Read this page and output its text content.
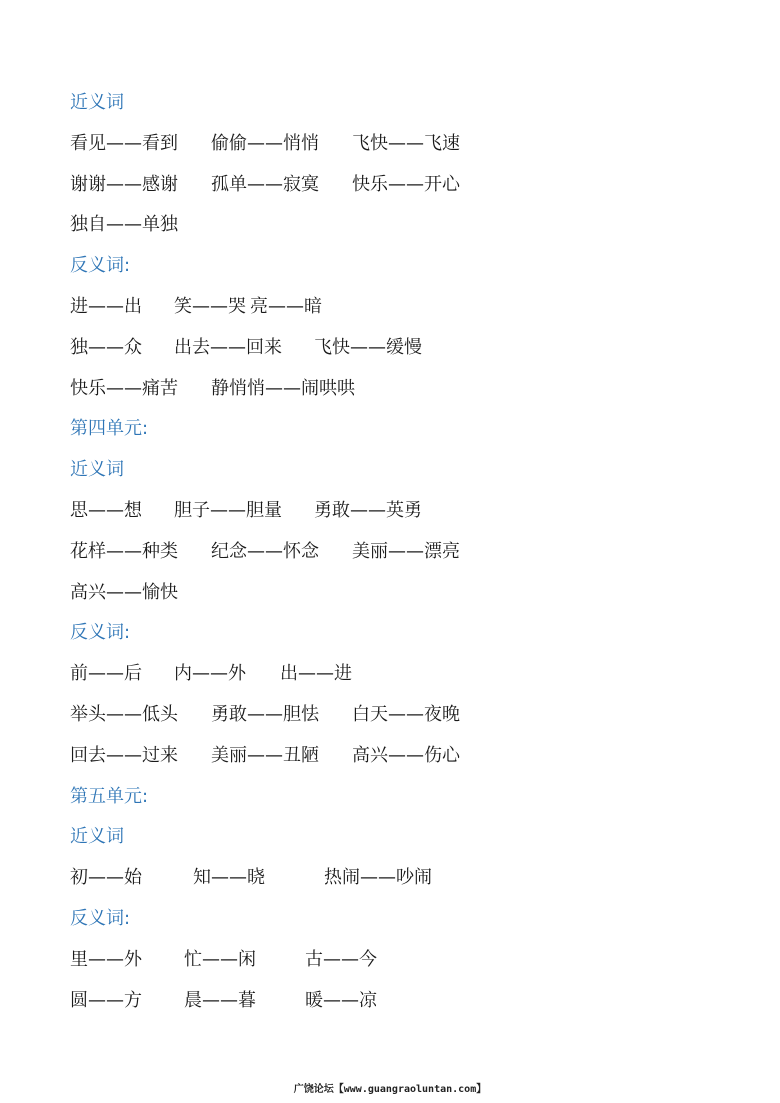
近义词
看见——看到 偷偷——悄悄 飞快——飞速
谢谢——感谢 孤单——寂寞 快乐——开心
独自——单独
反义词:
进——出 笑——哭 亮——暗
独——众 出去——回来 飞快——缓慢
快乐——痛苦 静悄悄——闹哄哄
第四单元:
近义词
思——想 胆子——胆量 勇敢——英勇
花样——种类 纪念——怀念 美丽——漂亮
高兴——愉快
反义词:
前——后 内——外 出——进
举头——低头 勇敢——胆怯 白天——夜晚
回去——过来 美丽——丑陋 高兴——伤心
第五单元:
近义词
初——始	知——晓	热闹——吵闹
反义词:
里——外 忙——闲	古——今
圆——方 晨——暮	暖——凉
广饶论坛【www.guangraoluntan.com】
